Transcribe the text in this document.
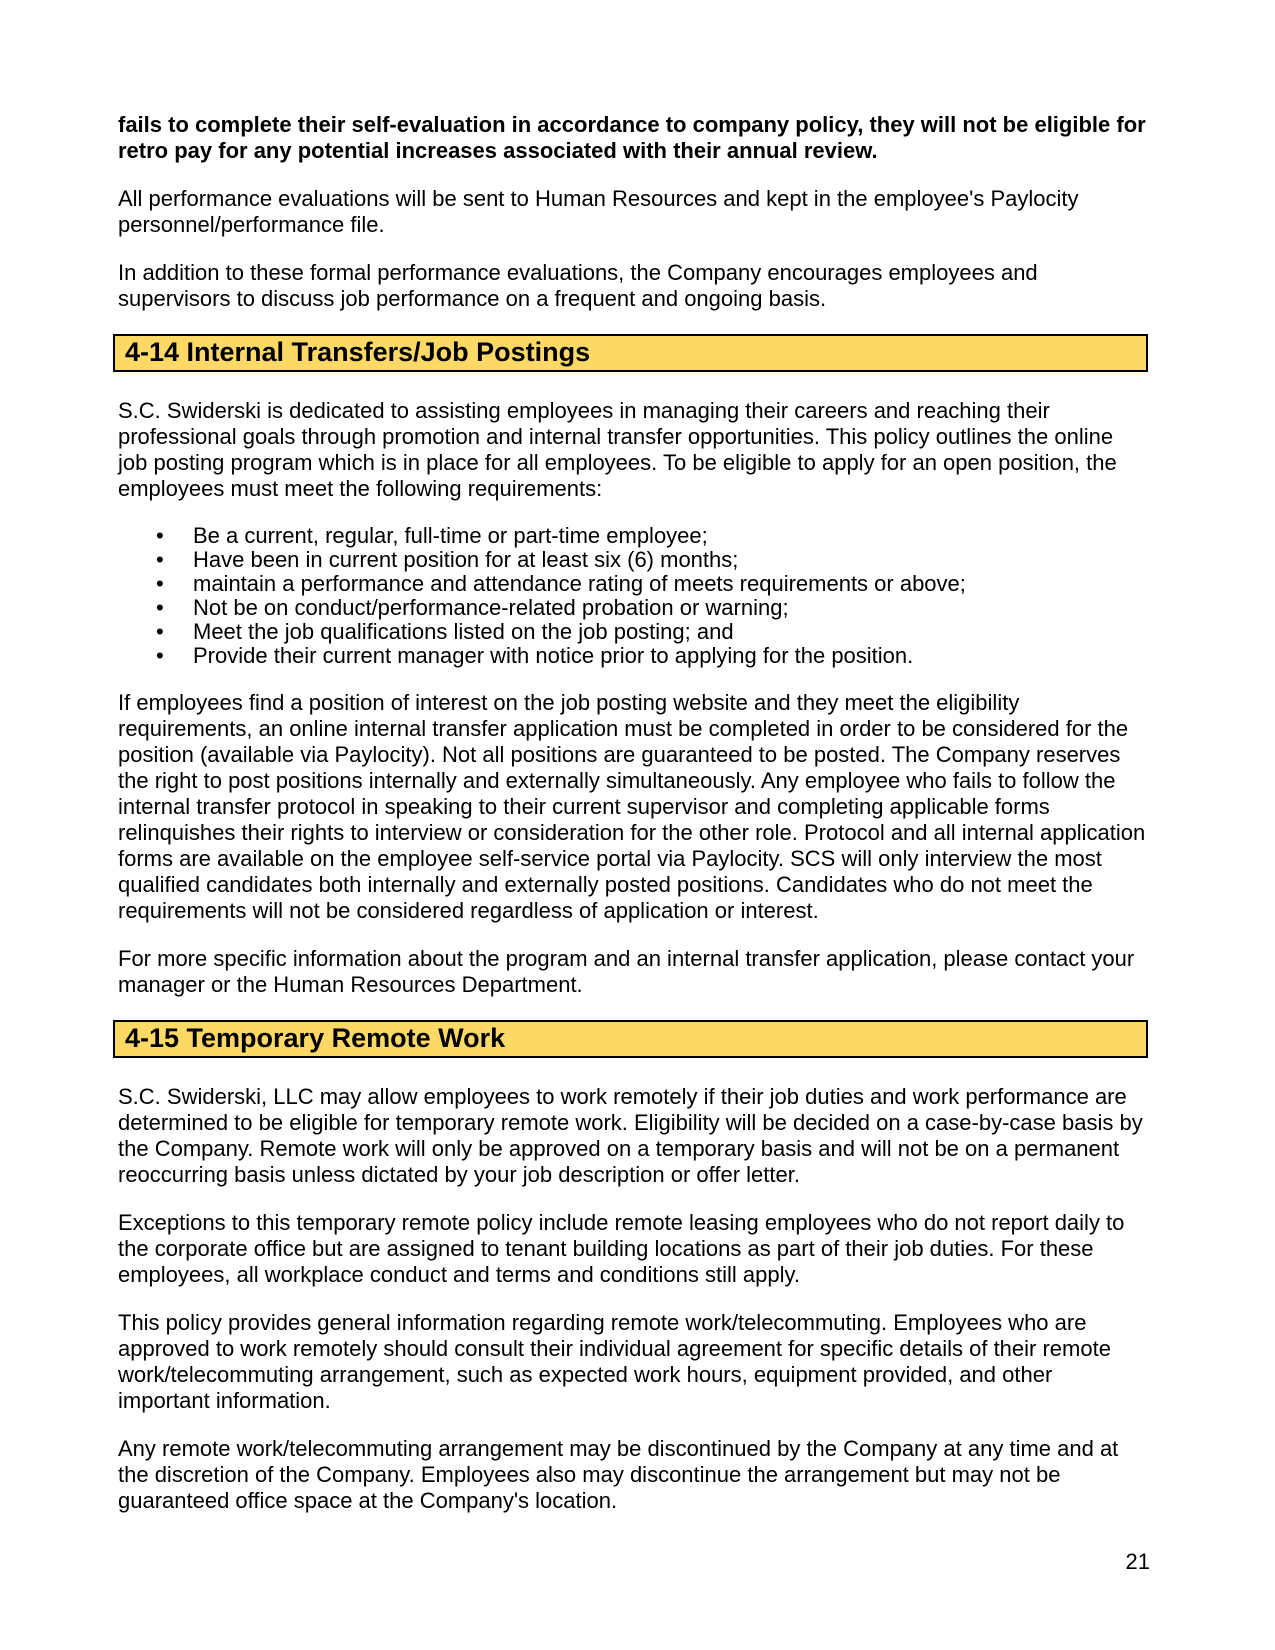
fails to complete their self-evaluation in accordance to company policy, they will not be eligible for retro pay for any potential increases associated with their annual review.

All performance evaluations will be sent to Human Resources and kept in the employee's Paylocity personnel/performance file.

In addition to these formal performance evaluations, the Company encourages employees and supervisors to discuss job performance on a frequent and ongoing basis.

4-14 Internal Transfers/Job Postings

S.C. Swiderski is dedicated to assisting employees in managing their careers and reaching their professional goals through promotion and internal transfer opportunities. This policy outlines the online job posting program which is in place for all employees. To be eligible to apply for an open position, the employees must meet the following requirements:

• Be a current, regular, full-time or part-time employee;
• Have been in current position for at least six (6) months;
• maintain a performance and attendance rating of meets requirements or above;
• Not be on conduct/performance-related probation or warning;
• Meet the job qualifications listed on the job posting; and
• Provide their current manager with notice prior to applying for the position.

If employees find a position of interest on the job posting website and they meet the eligibility requirements, an online internal transfer application must be completed in order to be considered for the position (available via Paylocity). Not all positions are guaranteed to be posted. The Company reserves the right to post positions internally and externally simultaneously. Any employee who fails to follow the internal transfer protocol in speaking to their current supervisor and completing applicable forms relinquishes their rights to interview or consideration for the other role. Protocol and all internal application forms are available on the employee self-service portal via Paylocity. SCS will only interview the most qualified candidates both internally and externally posted positions. Candidates who do not meet the requirements will not be considered regardless of application or interest.

For more specific information about the program and an internal transfer application, please contact your manager or the Human Resources Department.

4-15 Temporary Remote Work

S.C. Swiderski, LLC may allow employees to work remotely if their job duties and work performance are determined to be eligible for temporary remote work. Eligibility will be decided on a case-by-case basis by the Company. Remote work will only be approved on a temporary basis and will not be on a permanent reoccurring basis unless dictated by your job description or offer letter.

Exceptions to this temporary remote policy include remote leasing employees who do not report daily to the corporate office but are assigned to tenant building locations as part of their job duties. For these employees, all workplace conduct and terms and conditions still apply.

This policy provides general information regarding remote work/telecommuting. Employees who are approved to work remotely should consult their individual agreement for specific details of their remote work/telecommuting arrangement, such as expected work hours, equipment provided, and other important information.

Any remote work/telecommuting arrangement may be discontinued by the Company at any time and at the discretion of the Company. Employees also may discontinue the arrangement but may not be guaranteed office space at the Company's location.

21
